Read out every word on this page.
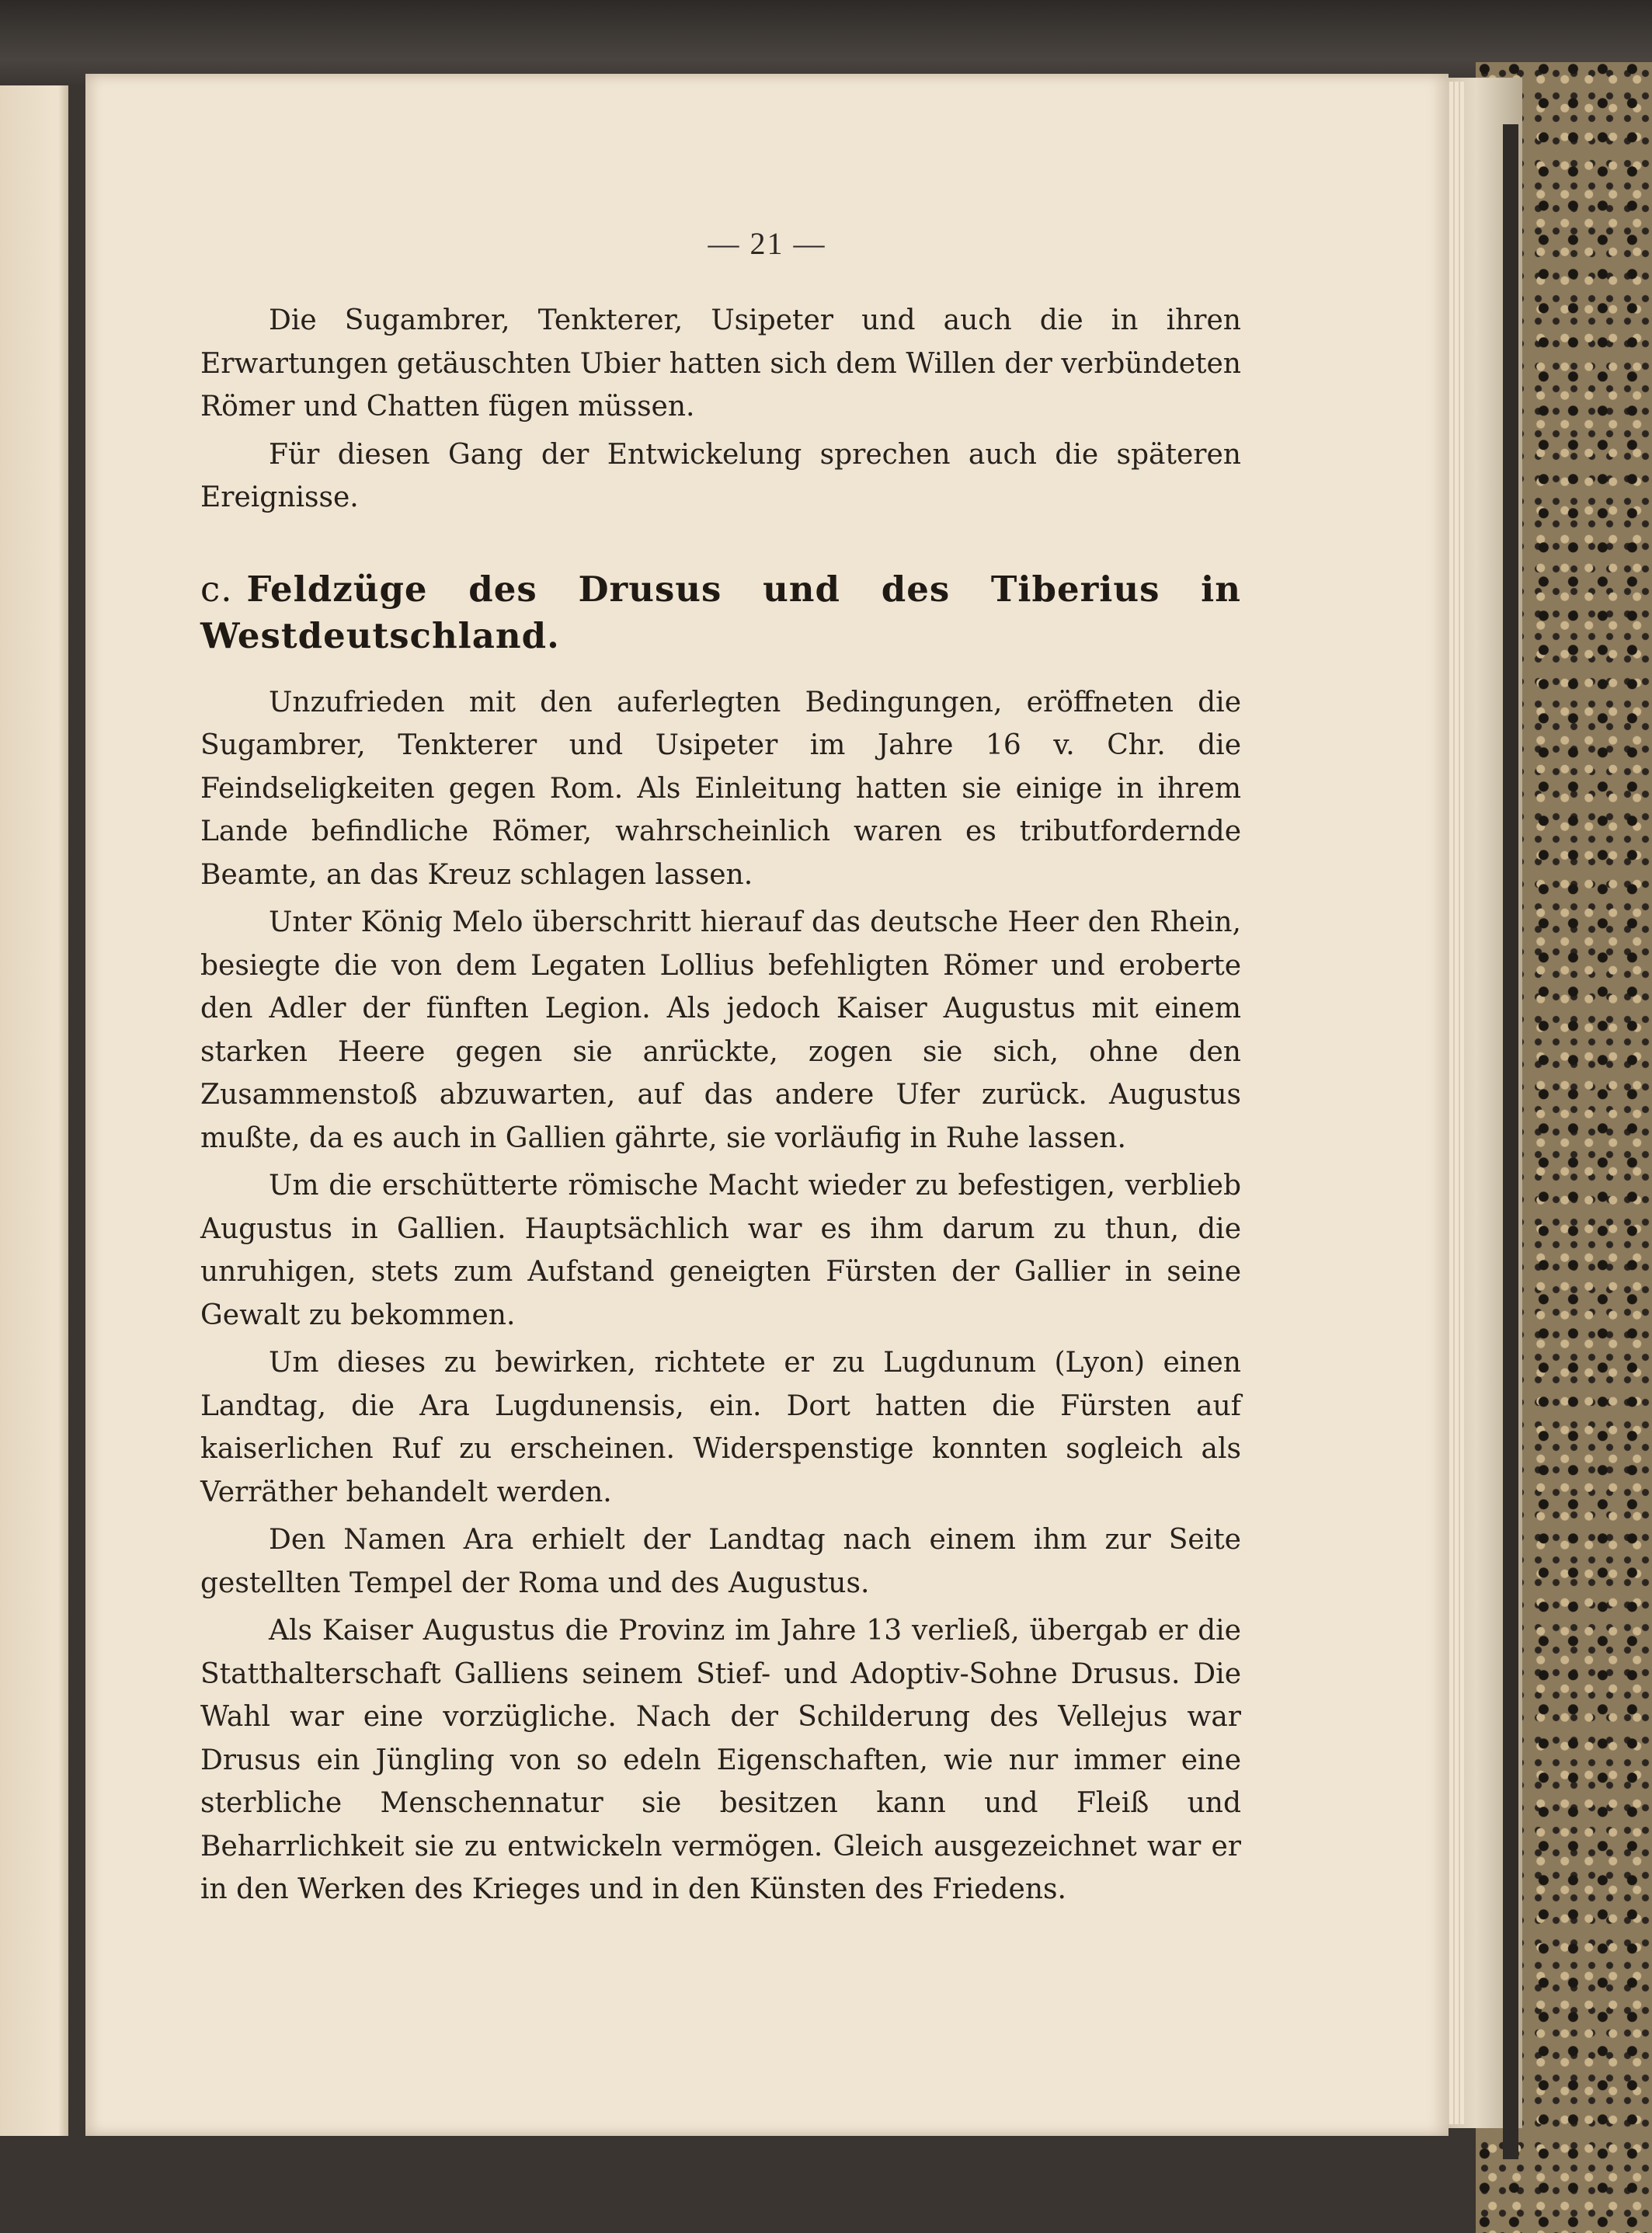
— 21 —

Die Sugambrer, Tenkterer, Usipeter und auch die in ihren Erwartungen getäuschten Ubier hatten sich dem Willen der verbündeten Römer und Chatten fügen müssen.

Für diesen Gang der Entwickelung sprechen auch die späteren Ereignisse.

c. Feldzüge des Drusus und des Tiberius in Westdeutschland.

Unzufrieden mit den auferlegten Bedingungen, eröffneten die Sugambrer, Tenkterer und Usipeter im Jahre 16 v. Chr. die Feindseligkeiten gegen Rom. Als Einleitung hatten sie einige in ihrem Lande befindliche Römer, wahrscheinlich waren es tributfordernde Beamte, an das Kreuz schlagen lassen.

Unter König Melo überschritt hierauf das deutsche Heer den Rhein, besiegte die von dem Legaten Lollius befehligten Römer und eroberte den Adler der fünften Legion. Als jedoch Kaiser Augustus mit einem starken Heere gegen sie anrückte, zogen sie sich, ohne den Zusammenstoß abzuwarten, auf das andere Ufer zurück. Augustus mußte, da es auch in Gallien gährte, sie vorläufig in Ruhe lassen.

Um die erschütterte römische Macht wieder zu befestigen, verblieb Augustus in Gallien. Hauptsächlich war es ihm darum zu thun, die unruhigen, stets zum Aufstand geneigten Fürsten der Gallier in seine Gewalt zu bekommen.

Um dieses zu bewirken, richtete er zu Lugdunum (Lyon) einen Landtag, die Ara Lugdunensis, ein. Dort hatten die Fürsten auf kaiserlichen Ruf zu erscheinen. Widerspenstige konnten sogleich als Verräther behandelt werden.

Den Namen Ara erhielt der Landtag nach einem ihm zur Seite gestellten Tempel der Roma und des Augustus.

Als Kaiser Augustus die Provinz im Jahre 13 verließ, übergab er die Statthalterschaft Galliens seinem Stief- und Adoptiv-Sohne Drusus. Die Wahl war eine vorzügliche. Nach der Schilderung des Vellejus war Drusus ein Jüngling von so edeln Eigenschaften, wie nur immer eine sterbliche Menschennatur sie besitzen kann und Fleiß und Beharrlichkeit sie zu entwickeln vermögen. Gleich ausgezeichnet war er in den Werken des Krieges und in den Künsten des Friedens.
